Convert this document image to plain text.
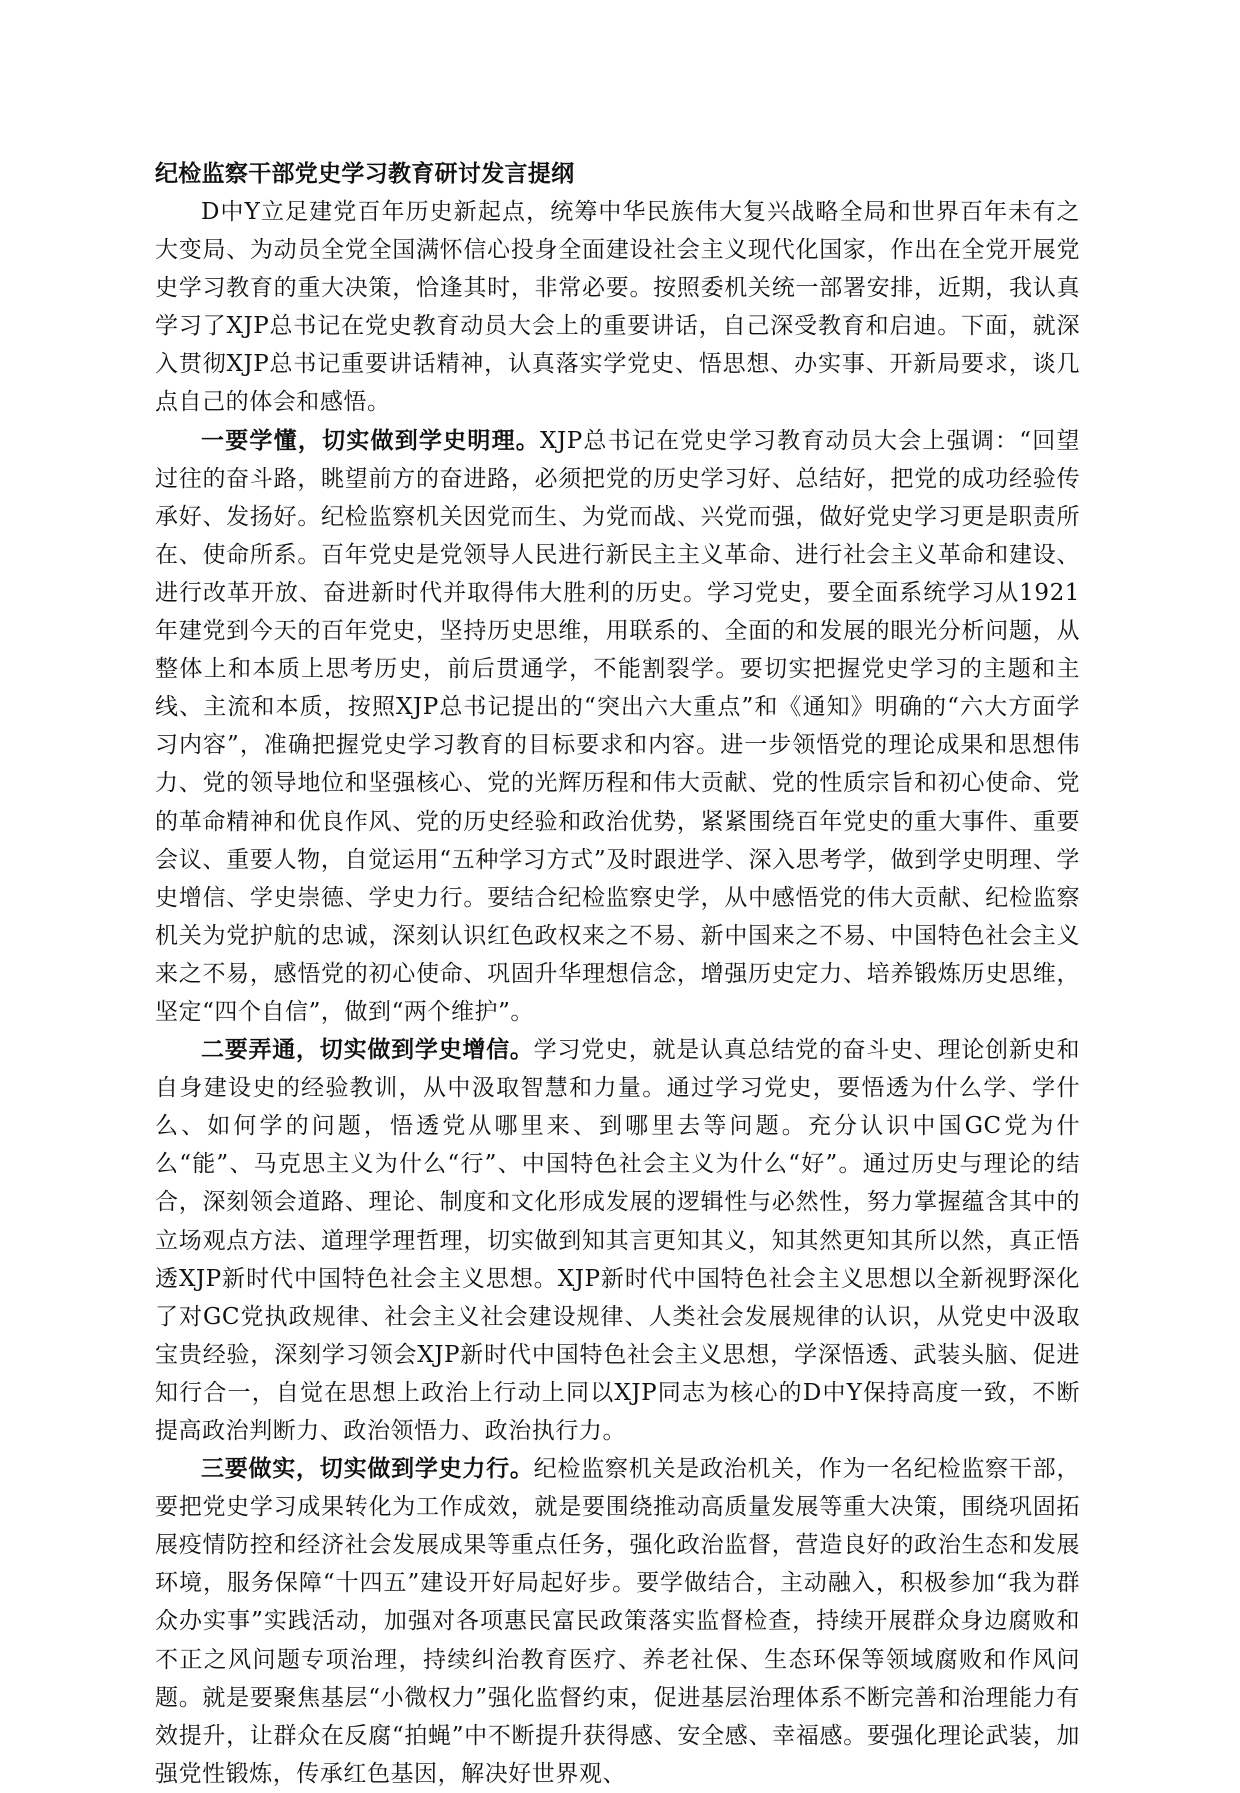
纪检监察干部党史学习教育研讨发言提纲

D中Y立足建党百年历史新起点，统筹中华民族伟大复兴战略全局和世界百年未有之大变局、为动员全党全国满怀信心投身全面建设社会主义现代化国家，作出在全党开展党史学习教育的重大决策，恰逢其时，非常必要。按照委机关统一部署安排，近期，我认真学习了XJP总书记在党史教育动员大会上的重要讲话，自己深受教育和启迪。下面，就深入贯彻XJP总书记重要讲话精神，认真落实学党史、悟思想、办实事、开新局要求，谈几点自己的体会和感悟。

一要学懂，切实做到学史明理。XJP总书记在党史学习教育动员大会上强调：“回望过往的奋斗路，眺望前方的奋进路，必须把党的历史学习好、总结好，把党的成功经验传承好、发扬好。纪检监察机关因党而生、为党而战、兴党而强，做好党史学习更是职责所在、使命所系。百年党史是党领导人民进行新民主主义革命、进行社会主义革命和建设、进行改革开放、奋进新时代并取得伟大胜利的历史。学习党史，要全面系统学习从1921年建党到今天的百年党史，坚持历史思维，用联系的、全面的和发展的眼光分析问题，从整体上和本质上思考历史，前后贯通学，不能割裂学。要切实把握党史学习的主题和主线、主流和本质，按照XJP总书记提出的“突出六大重点”和《通知》明确的“六大方面学习内容”，准确把握党史学习教育的目标要求和内容。进一步领悟党的理论成果和思想伟力、党的领导地位和坚强核心、党的光辉历程和伟大贡献、党的性质宗旨和初心使命、党的革命精神和优良作风、党的历史经验和政治优势，紧紧围绕百年党史的重大事件、重要会议、重要人物，自觉运用“五种学习方式”及时跟进学、深入思考学，做到学史明理、学史增信、学史崇德、学史力行。要结合纪检监察史学，从中感悟党的伟大贡献、纪检监察机关为党护航的忠诚，深刻认识红色政权来之不易、新中国来之不易、中国特色社会主义来之不易，感悟党的初心使命、巩固升华理想信念，增强历史定力、培养锻炼历史思维，坚定“四个自信”，做到“两个维护”。

二要弄通，切实做到学史增信。学习党史，就是认真总结党的奋斗史、理论创新史和自身建设史的经验教训，从中汲取智慧和力量。通过学习党史，要悟透为什么学、学什么、如何学的问题，悟透党从哪里来、到哪里去等问题。充分认识中国GC党为什么“能”、马克思主义为什么“行”、中国特色社会主义为什么“好”。通过历史与理论的结合，深刻领会道路、理论、制度和文化形成发展的逻辑性与必然性，努力掌握蕴含其中的立场观点方法、道理学理哲理，切实做到知其言更知其义，知其然更知其所以然，真正悟透XJP新时代中国特色社会主义思想。XJP新时代中国特色社会主义思想以全新视野深化了对GC党执政规律、社会主义社会建设规律、人类社会发展规律的认识，从党史中汲取宝贵经验，深刻学习领会XJP新时代中国特色社会主义思想，学深悟透、武装头脑、促进知行合一，自觉在思想上政治上行动上同以XJP同志为核心的D中Y保持高度一致，不断提高政治判断力、政治领悟力、政治执行力。

三要做实，切实做到学史力行。纪检监察机关是政治机关，作为一名纪检监察干部，要把党史学习成果转化为工作成效，就是要围绕推动高质量发展等重大决策，围绕巩固拓展疫情防控和经济社会发展成果等重点任务，强化政治监督，营造良好的政治生态和发展环境，服务保障“十四五”建设开好局起好步。要学做结合，主动融入，积极参加“我为群众办实事”实践活动，加强对各项惠民富民政策落实监督检查，持续开展群众身边腐败和不正之风问题专项治理，持续纠治教育医疗、养老社保、生态环保等领域腐败和作风问题。就是要聚焦基层“小微权力”强化监督约束，促进基层治理体系不断完善和治理能力有效提升，让群众在反腐“拍蝇”中不断提升获得感、安全感、幸福感。要强化理论武装，加强党性锻炼，传承红色基因，解决好世界观、
